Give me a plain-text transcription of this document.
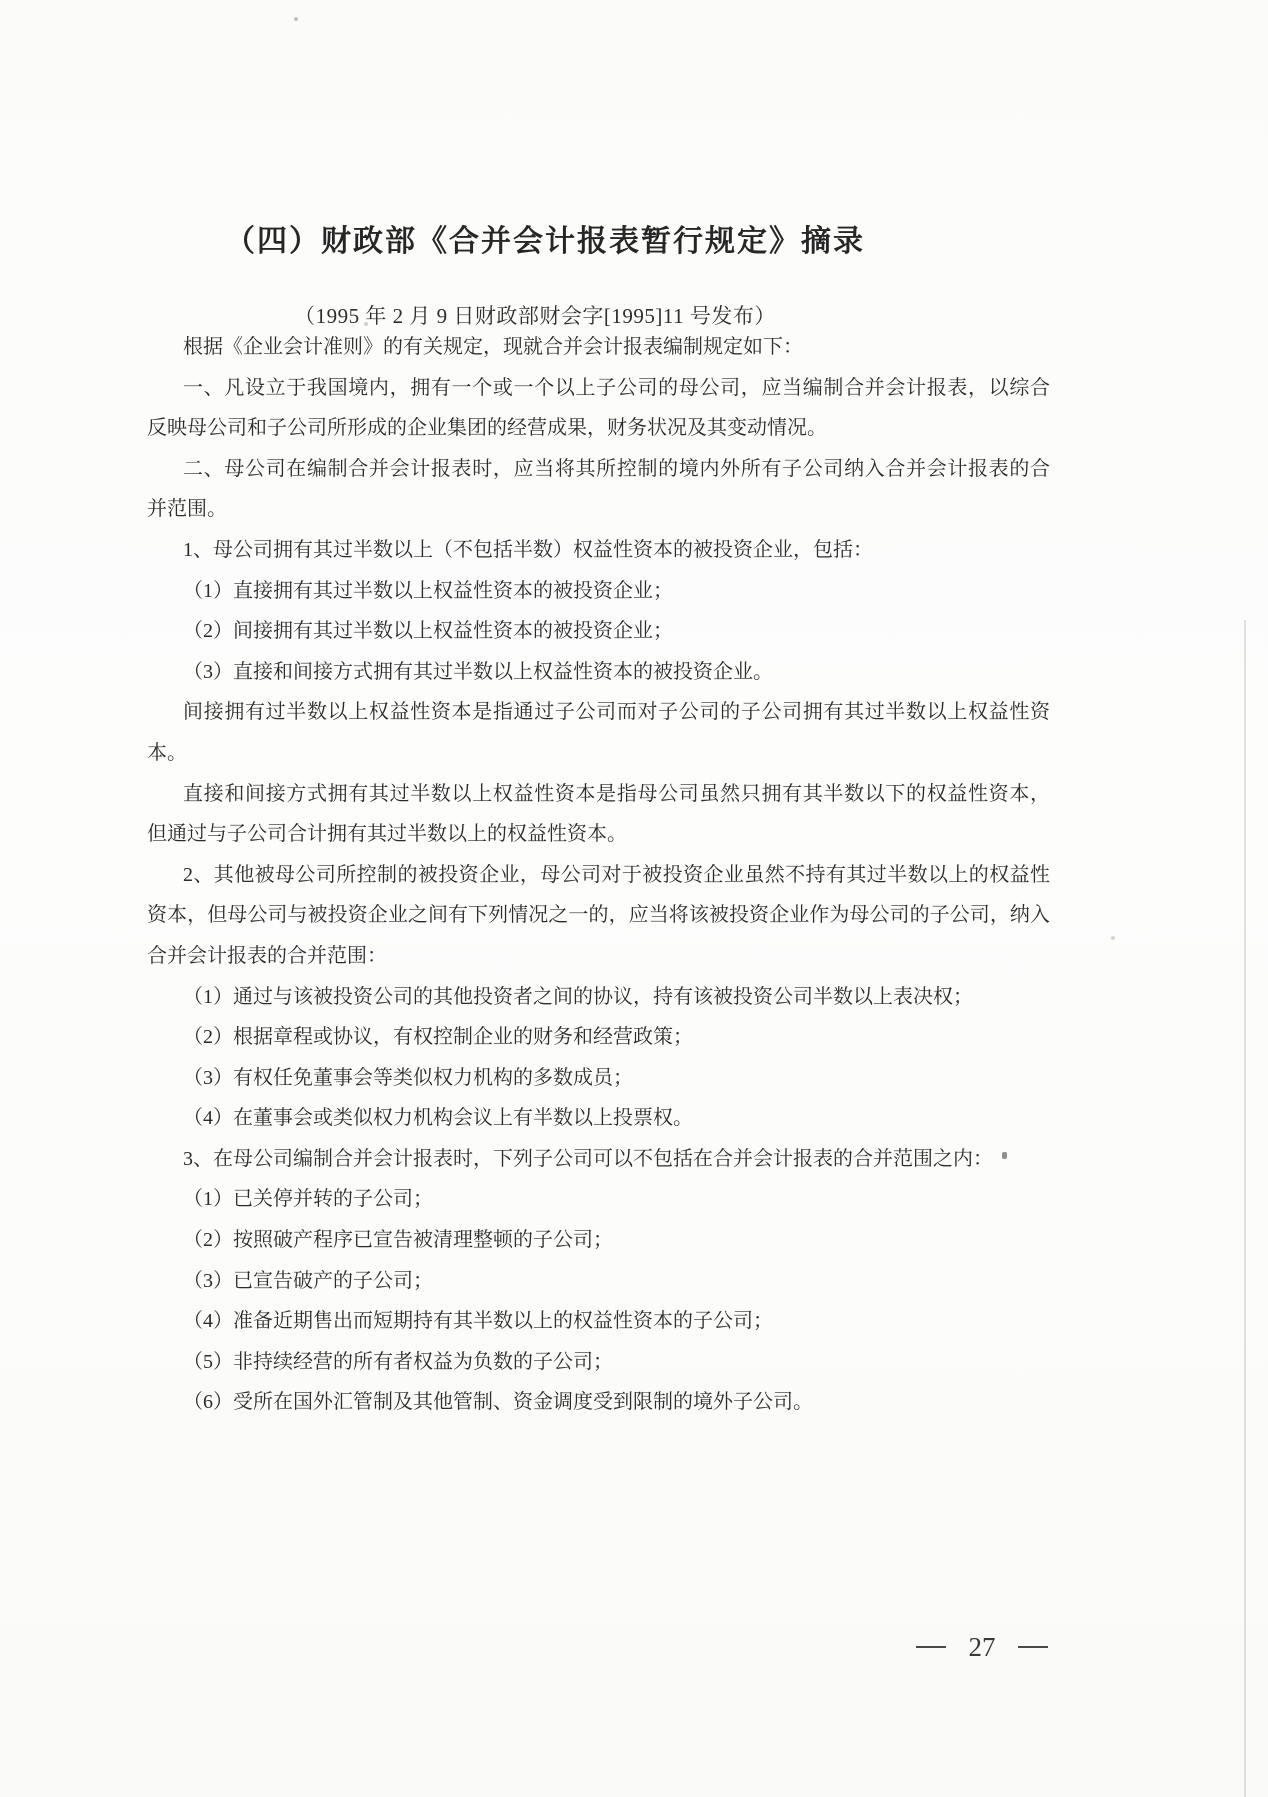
（四）财政部《合并会计报表暂行规定》摘录
（1995 年 2 月 9 日财政部财会字[1995]11 号发布）
根据《企业会计准则》的有关规定，现就合并会计报表编制规定如下：
一、凡设立于我国境内，拥有一个或一个以上子公司的母公司，应当编制合并会计报表，以综合
反映母公司和子公司所形成的企业集团的经营成果，财务状况及其变动情况。
二、母公司在编制合并会计报表时，应当将其所控制的境内外所有子公司纳入合并会计报表的合
并范围。
1、母公司拥有其过半数以上（不包括半数）权益性资本的被投资企业，包括：
（1）直接拥有其过半数以上权益性资本的被投资企业；
（2）间接拥有其过半数以上权益性资本的被投资企业；
（3）直接和间接方式拥有其过半数以上权益性资本的被投资企业。
间接拥有过半数以上权益性资本是指通过子公司而对子公司的子公司拥有其过半数以上权益性资
本。
直接和间接方式拥有其过半数以上权益性资本是指母公司虽然只拥有其半数以下的权益性资本，
但通过与子公司合计拥有其过半数以上的权益性资本。
2、其他被母公司所控制的被投资企业，母公司对于被投资企业虽然不持有其过半数以上的权益性
资本，但母公司与被投资企业之间有下列情况之一的，应当将该被投资企业作为母公司的子公司，纳入
合并会计报表的合并范围：
（1）通过与该被投资公司的其他投资者之间的协议，持有该被投资公司半数以上表决权；
（2）根据章程或协议，有权控制企业的财务和经营政策；
（3）有权任免董事会等类似权力机构的多数成员；
（4）在董事会或类似权力机构会议上有半数以上投票权。
3、在母公司编制合并会计报表时，下列子公司可以不包括在合并会计报表的合并范围之内：
（1）已关停并转的子公司；
（2）按照破产程序已宣告被清理整顿的子公司；
（3）已宣告破产的子公司；
（4）准备近期售出而短期持有其半数以上的权益性资本的子公司；
（5）非持续经营的所有者权益为负数的子公司；
（6）受所在国外汇管制及其他管制、资金调度受到限制的境外子公司。
27
